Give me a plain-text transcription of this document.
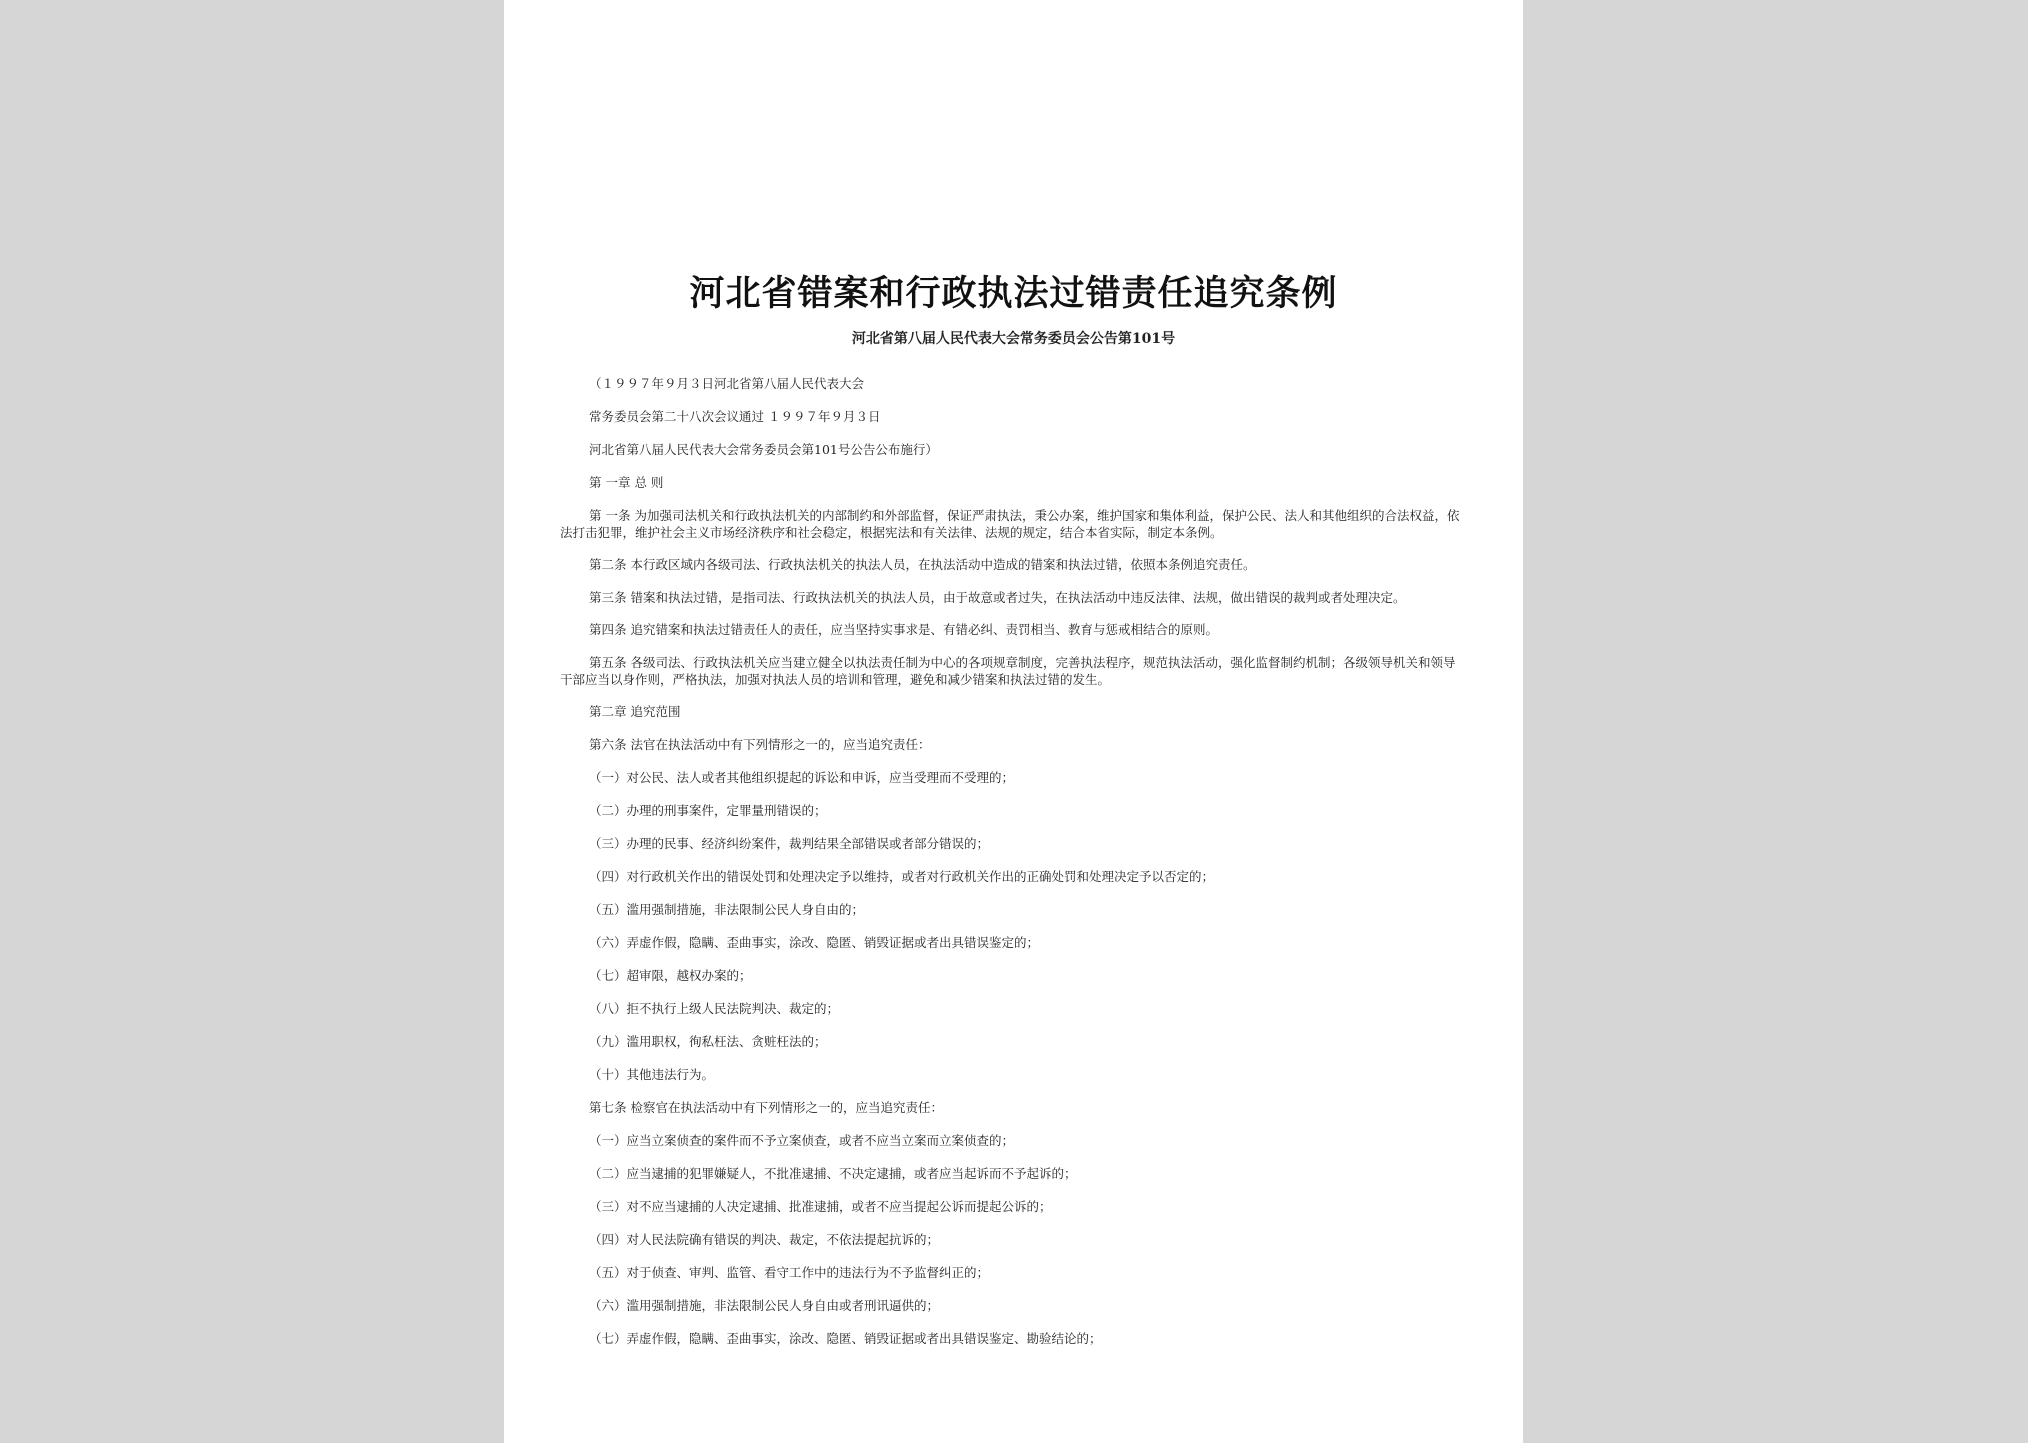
河北省错案和行政执法过错责任追究条例
河北省第八届人民代表大会常务委员会公告第101号

（１９９７年９月３日河北省第八届人民代表大会

常务委员会第二十八次会议通过 １９９７年９月３日

河北省第八届人民代表大会常务委员会第101号公告公布施行）

第 一章 总 则

第 一条 为加强司法机关和行政执法机关的内部制约和外部监督，保证严肃执法，秉公办案，维护国家和集体利益，保护公民、法人和其他组织的合法权益，依法打击犯罪，维护社会主义市场经济秩序和社会稳定，根据宪法和有关法律、法规的规定，结合本省实际，制定本条例。

第二条 本行政区域内各级司法、行政执法机关的执法人员，在执法活动中造成的错案和执法过错，依照本条例追究责任。

第三条 错案和执法过错，是指司法、行政执法机关的执法人员，由于故意或者过失，在执法活动中违反法律、法规，做出错误的裁判或者处理决定。

第四条 追究错案和执法过错责任人的责任，应当坚持实事求是、有错必纠、责罚相当、教育与惩戒相结合的原则。

第五条 各级司法、行政执法机关应当建立健全以执法责任制为中心的各项规章制度，完善执法程序，规范执法活动，强化监督制约机制；各级领导机关和领导干部应当以身作则，严格执法，加强对执法人员的培训和管理，避免和减少错案和执法过错的发生。

第二章 追究范围

第六条 法官在执法活动中有下列情形之一的，应当追究责任：

（一）对公民、法人或者其他组织提起的诉讼和申诉，应当受理而不受理的；

（二）办理的刑事案件，定罪量刑错误的；

（三）办理的民事、经济纠纷案件，裁判结果全部错误或者部分错误的；

（四）对行政机关作出的错误处罚和处理决定予以维持，或者对行政机关作出的正确处罚和处理决定予以否定的；

（五）滥用强制措施，非法限制公民人身自由的；

（六）弄虚作假，隐瞒、歪曲事实，涂改、隐匿、销毁证据或者出具错误鉴定的；

（七）超审限，越权办案的；

（八）拒不执行上级人民法院判决、裁定的；

（九）滥用职权，徇私枉法、贪赃枉法的；

（十）其他违法行为。

第七条 检察官在执法活动中有下列情形之一的，应当追究责任：

（一）应当立案侦查的案件而不予立案侦查，或者不应当立案而立案侦查的；

（二）应当逮捕的犯罪嫌疑人，不批准逮捕、不决定逮捕，或者应当起诉而不予起诉的；

（三）对不应当逮捕的人决定逮捕、批准逮捕，或者不应当提起公诉而提起公诉的；

（四）对人民法院确有错误的判决、裁定，不依法提起抗诉的；

（五）对于侦查、审判、监管、看守工作中的违法行为不予监督纠正的；

（六）滥用强制措施，非法限制公民人身自由或者刑讯逼供的；

（七）弄虚作假，隐瞒、歪曲事实，涂改、隐匿、销毁证据或者出具错误鉴定、勘验结论的；
